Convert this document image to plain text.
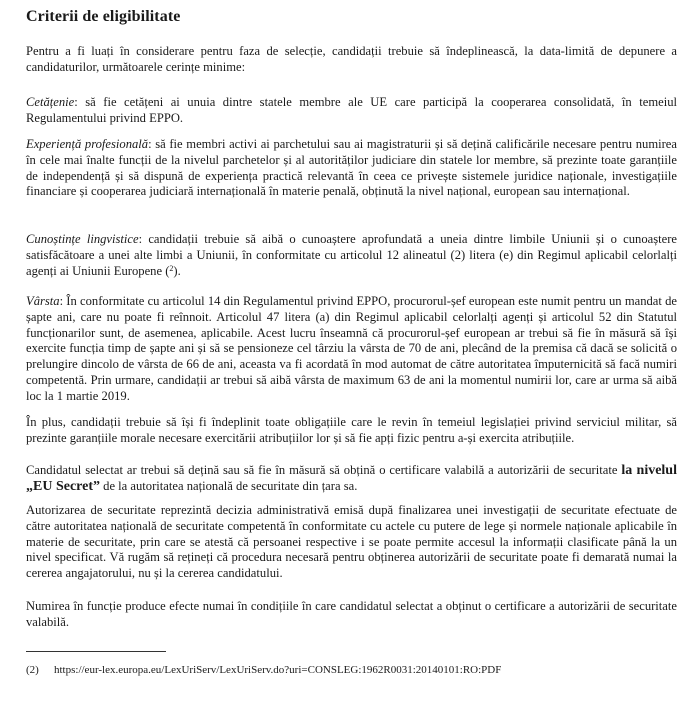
Criterii de eligibilitate

Pentru a fi luați în considerare pentru faza de selecție, candidații trebuie să îndeplinească, la data-limită de depunere a candidaturilor, următoarele cerințe minime:

Cetățenie: să fie cetățeni ai unuia dintre statele membre ale UE care participă la cooperarea consolidată, în temeiul Regulamentului privind EPPO.

Experiență profesională: să fie membri activi ai parchetului sau ai magistraturii și să dețină calificările necesare pentru numirea în cele mai înalte funcții de la nivelul parchetelor și al autorităților judiciare din statele lor membre, să prezinte toate garanțiile de independență și să dispună de experiența practică relevantă în ceea ce privește sistemele juridice naționale, investigațiile financiare și cooperarea judiciară internațională în materie penală, obținută la nivel național, european sau internațional.

Cunoștințe lingvistice: candidații trebuie să aibă o cunoaștere aprofundată a uneia dintre limbile Uniunii și o cunoaștere satisfăcătoare a unei alte limbi a Uniunii, în conformitate cu articolul 12 alineatul (2) litera (e) din Regimul aplicabil celorlalți agenți ai Uniunii Europene ($^2$).

Vârsta: În conformitate cu articolul 14 din Regulamentul privind EPPO, procurorul-șef european este numit pentru un mandat de șapte ani, care nu poate fi reînnoit. Articolul 47 litera (a) din Regimul aplicabil celorlalți agenți și articolul 52 din Statutul funcționarilor sunt, de asemenea, aplicabile. Acest lucru înseamnă că procurorul-șef european ar trebui să fie în măsură să își exercite funcția timp de șapte ani și să se pensioneze cel târziu la vârsta de 70 de ani, plecând de la premisa că dacă se solicită o prelungire dincolo de vârsta de 66 de ani, aceasta va fi acordată în mod automat de către autoritatea împuternicită să facă numiri competentă. Prin urmare, candidații ar trebui să aibă vârsta de maximum 63 de ani la momentul numirii lor, care ar urma să aibă loc la 1 martie 2019.

În plus, candidații trebuie să își fi îndeplinit toate obligațiile care le revin în temeiul legislației privind serviciul militar, să prezinte garanțiile morale necesare exercitării atribuțiilor lor și să fie apți fizic pentru a-și exercita atribuțiile.

Candidatul selectat ar trebui să dețină sau să fie în măsură să obțină o certificare valabilă a autorizării de securitate la nivelul „EU Secret” de la autoritatea națională de securitate din țara sa.

Autorizarea de securitate reprezintă decizia administrativă emisă după finalizarea unei investigații de securitate efectuate de către autoritatea națională de securitate competentă în conformitate cu actele cu putere de lege și normele naționale aplicabile în materie de securitate, prin care se atestă că persoanei respective i se poate permite accesul la informații clasificate până la un nivel specificat. Vă rugăm să rețineți că procedura necesară pentru obținerea autorizării de securitate poate fi demarată numai la cererea angajatorului, nu și la cererea candidatului.

Numirea în funcție produce efecte numai în condițiile în care candidatul selectat a obținut o certificare a autorizării de securitate valabilă.

(2) https://eur-lex.europa.eu/LexUriServ/LexUriServ.do?uri=CONSLEG:1962R0031:20140101:RO:PDF
